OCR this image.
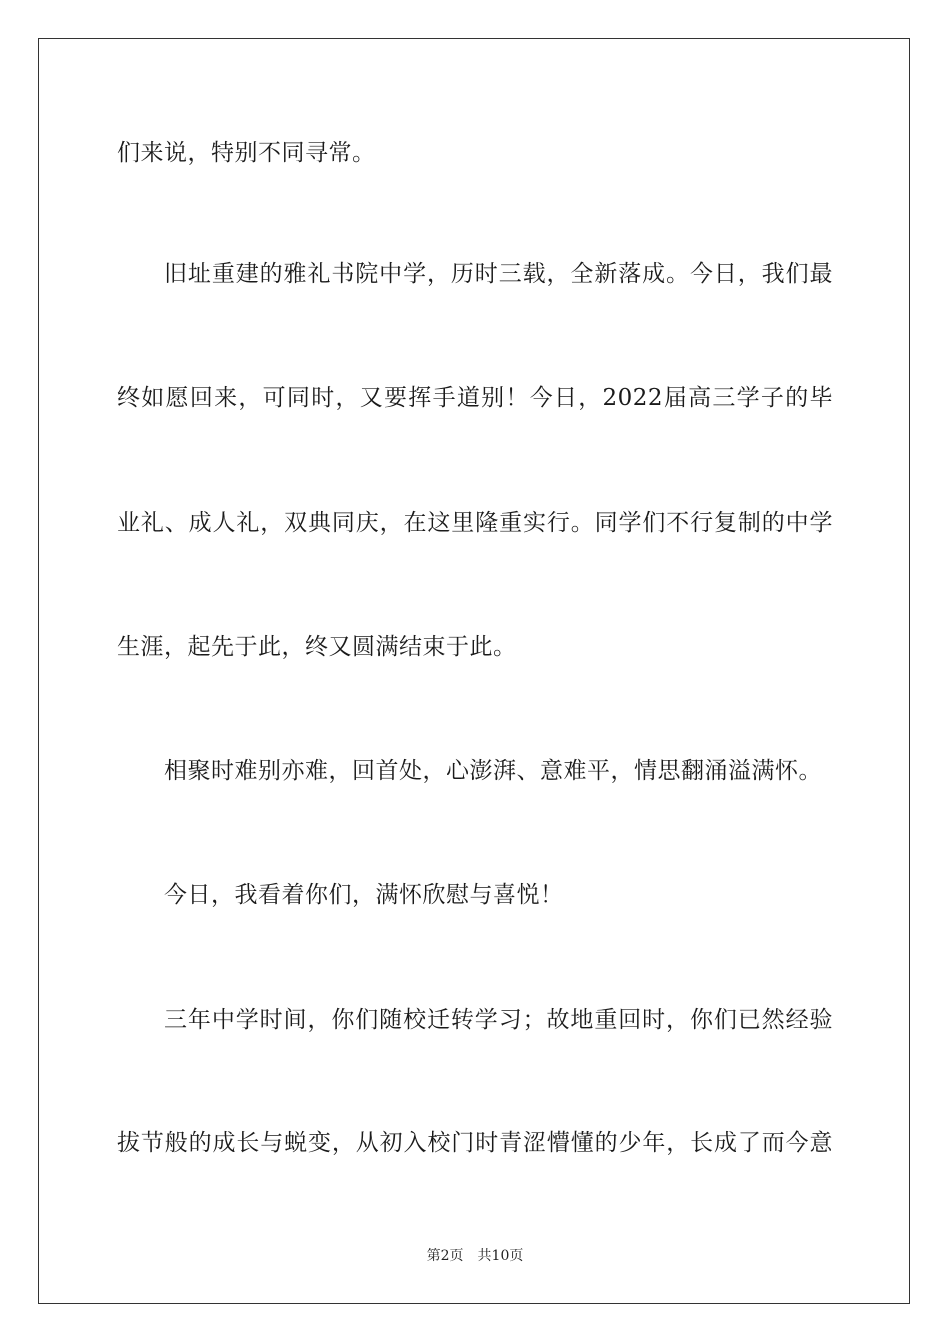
们来说，特别不同寻常。
旧址重建的雅礼书院中学，历时三载，全新落成。今日，我们最
终如愿回来，可同时，又要挥手道别！今日，2022届高三学子的毕
业礼、成人礼，双典同庆，在这里隆重实行。同学们不行复制的中学
生涯，起先于此，终又圆满结束于此。
相聚时难别亦难，回首处，心澎湃、意难平，情思翻涌溢满怀。
今日，我看着你们，满怀欣慰与喜悦！
三年中学时间，你们随校迁转学习；故地重回时，你们已然经验
拔节般的成长与蜕变，从初入校门时青涩懵懂的少年，长成了而今意
第2页 共10页
